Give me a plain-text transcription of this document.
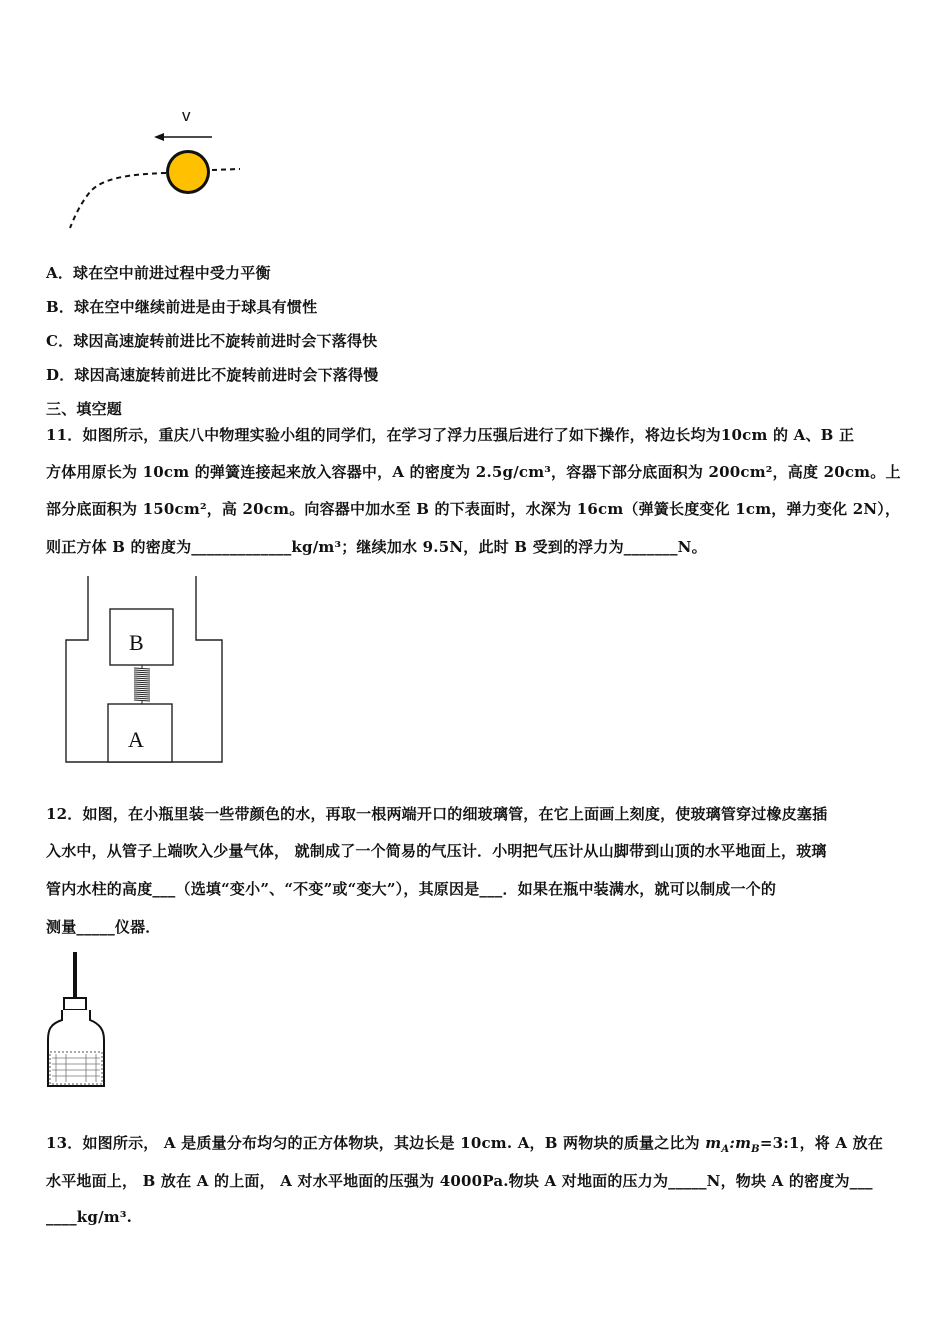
v
A．球在空中前进过程中受力平衡
B．球在空中继续前进是由于球具有惯性
C．球因高速旋转前进比不旋转前进时会下落得快
D．球因高速旋转前进比不旋转前进时会下落得慢
三、填空题
11．如图所示，重庆八中物理实验小组的同学们，在学习了浮力压强后进行了如下操作，将边长均为10cm 的 A、B 正
方体用原长为 10cm 的弹簧连接起来放入容器中，A 的密度为 2.5g/cm³，容器下部分底面积为 200cm²，高度 20cm。上
部分底面积为 150cm²，高 20cm。向容器中加水至 B 的下表面时，水深为 16cm（弹簧长度变化 1cm，弹力变化 2N），
则正方体 B 的密度为_____________kg/m³；继续加水 9.5N，此时 B 受到的浮力为_______N。
B
A
12．如图，在小瓶里装一些带颜色的水，再取一根两端开口的细玻璃管，在它上面画上刻度，使玻璃管穿过橡皮塞插
入水中，从管子上端吹入少量气体， 就制成了一个简易的气压计．小明把气压计从山脚带到山顶的水平地面上，玻璃
管内水柱的高度___（选填“变小”、“不变”或“变大”），其原因是___．如果在瓶中装满水，就可以制成一个的
测量_____仪器．
13．如图所示， A 是质量分布均匀的正方体物块，其边长是 10cm. A，B 两物块的质量之比为 $m_A:m_B=3:1$，将 A 放在
水平地面上， B 放在 A 的上面， A 对水平地面的压强为 4000Pa.物块 A 对地面的压力为_____N，物块 A 的密度为___
____kg/m³.
